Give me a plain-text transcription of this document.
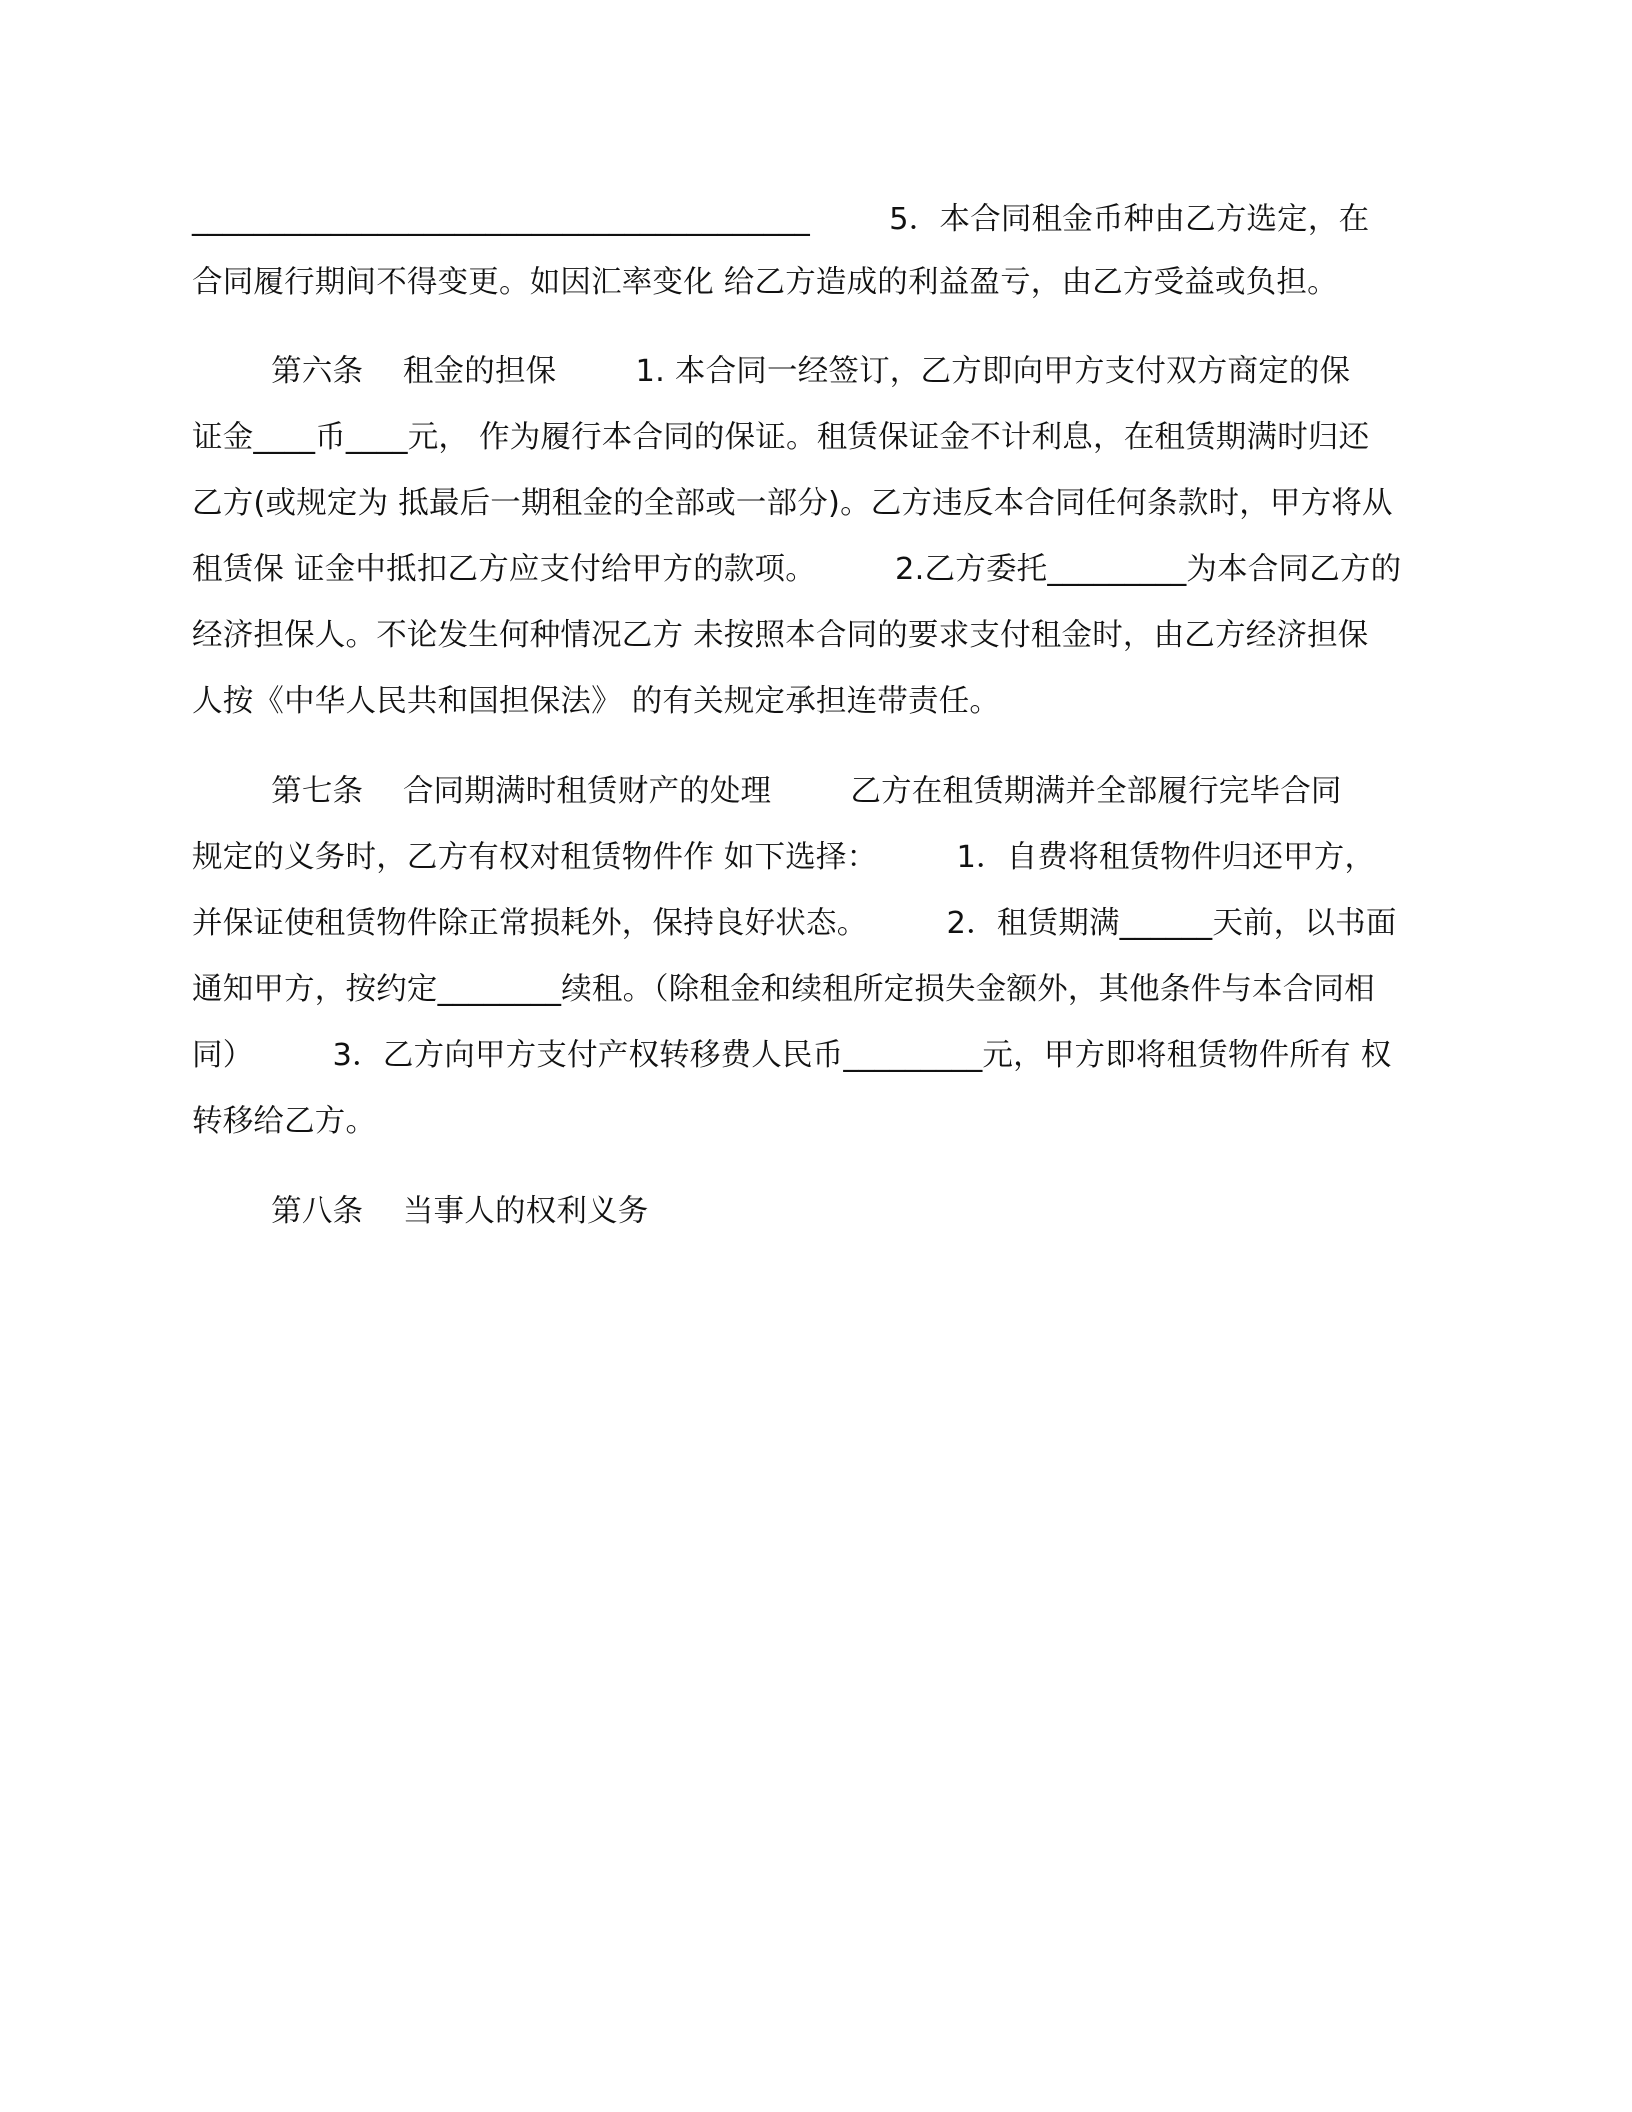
________________________________________        5．本合同租金币种由乙方选定，在
合同履行期间不得变更。如因汇率变化 给乙方造成的利益盈亏，由乙方受益或负担。
第六条    租金的担保        1. 本合同一经签订，乙方即向甲方支付双方商定的保
证金____币____元， 作为履行本合同的保证。租赁保证金不计利息，在租赁期满时归还
乙方(或规定为 抵最后一期租金的全部或一部分)。乙方违反本合同任何条款时，甲方将从
租赁保 证金中抵扣乙方应支付给甲方的款项。        2.乙方委托_________为本合同乙方的
经济担保人。不论发生何种情况乙方 未按照本合同的要求支付租金时，由乙方经济担保
人按《中华人民共和国担保法》 的有关规定承担连带责任。
第七条    合同期满时租赁财产的处理        乙方在租赁期满并全部履行完毕合同
规定的义务时，乙方有权对租赁物件作 如下选择：        1．自费将租赁物件归还甲方，
并保证使租赁物件除正常损耗外，保持良好状态。        2．租赁期满______天前，以书面
通知甲方，按约定________续租。（除租金和续租所定损失金额外，其他条件与本合同相
同）        3．乙方向甲方支付产权转移费人民币_________元，甲方即将租赁物件所有 权
转移给乙方。
第八条    当事人的权利义务
